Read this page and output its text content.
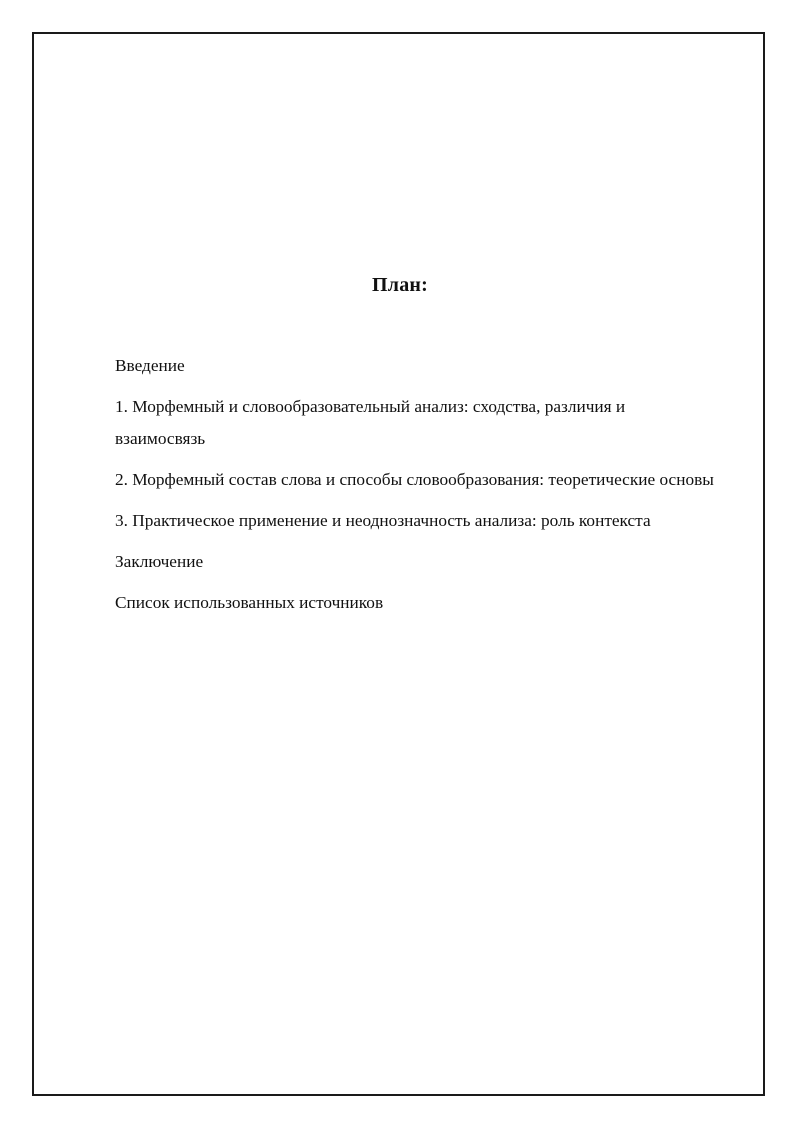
План:
Введение
1. Морфемный и словообразовательный анализ: сходства, различия и взаимосвязь
2. Морфемный состав слова и способы словообразования: теоретические основы
3. Практическое применение и неоднозначность анализа: роль контекста
Заключение
Список использованных источников
